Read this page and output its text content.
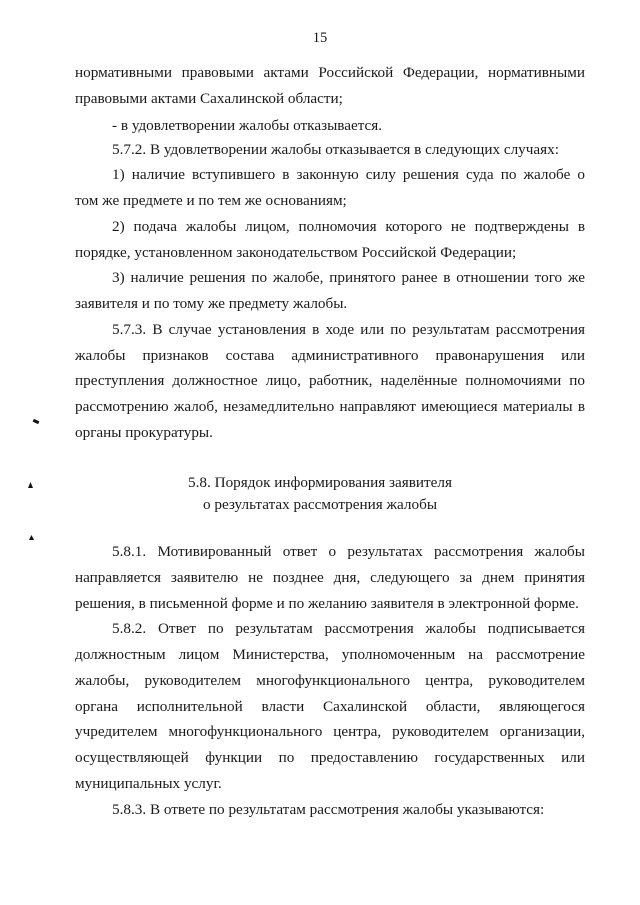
15
нормативными правовыми актами Российской Федерации, нормативными
правовыми актами Сахалинской области;
- в удовлетворении жалобы отказывается.
5.7.2. В удовлетворении жалобы отказывается в следующих случаях:
1) наличие вступившего в законную силу решения суда по жалобе о
том же предмете и по тем же основаниям;
2) подача жалобы лицом, полномочия которого не подтверждены в
порядке, установленном законодательством Российской Федерации;
3) наличие решения по жалобе, принятого ранее в отношении того же
заявителя и по тому же предмету жалобы.
5.7.3. В случае установления в ходе или по результатам рассмотрения
жалобы признаков состава административного правонарушения или
преступления должностное лицо, работник, наделённые полномочиями по
рассмотрению жалоб, незамедлительно направляют имеющиеся материалы в
органы прокуратуры.
5.8. Порядок информирования заявителя
о результатах рассмотрения жалобы
5.8.1. Мотивированный ответ о результатах рассмотрения жалобы
направляется заявителю не позднее дня, следующего за днем принятия
решения, в письменной форме и по желанию заявителя в электронной форме.
5.8.2. Ответ по результатам рассмотрения жалобы подписывается
должностным лицом Министерства, уполномоченным на рассмотрение
жалобы, руководителем многофункционального центра, руководителем
органа исполнительной власти Сахалинской области, являющегося
учредителем многофункционального центра, руководителем организации,
осуществляющей функции по предоставлению государственных или
муниципальных услуг.
5.8.3. В ответе по результатам рассмотрения жалобы указываются:
